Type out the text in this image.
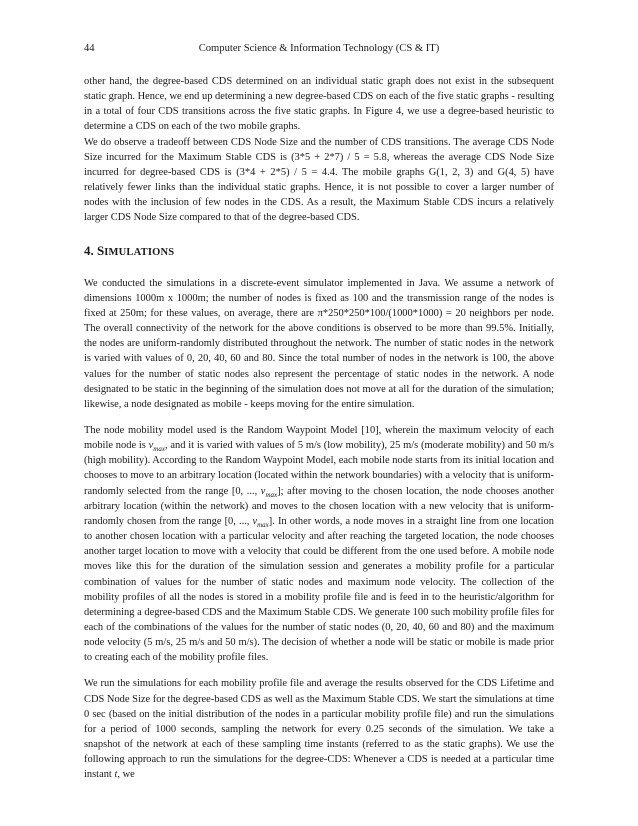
44	Computer Science & Information Technology (CS & IT)

other hand, the degree-based CDS determined on an individual static graph does not exist in the subsequent static graph. Hence, we end up determining a new degree-based CDS on each of the five static graphs - resulting in a total of four CDS transitions across the five static graphs. In Figure 4, we use a degree-based heuristic to determine a CDS on each of the two mobile graphs.

We do observe a tradeoff between CDS Node Size and the number of CDS transitions. The average CDS Node Size incurred for the Maximum Stable CDS is (3*5 + 2*7) / 5 = 5.8, whereas the average CDS Node Size incurred for degree-based CDS is (3*4 + 2*5) / 5 = 4.4. The mobile graphs G(1, 2, 3) and G(4, 5) have relatively fewer links than the individual static graphs. Hence, it is not possible to cover a larger number of nodes with the inclusion of few nodes in the CDS. As a result, the Maximum Stable CDS incurs a relatively larger CDS Node Size compared to that of the degree-based CDS.

4. SIMULATIONS

We conducted the simulations in a discrete-event simulator implemented in Java. We assume a network of dimensions 1000m x 1000m; the number of nodes is fixed as 100 and the transmission range of the nodes is fixed at 250m; for these values, on average, there are π*250*250*100/(1000*1000) = 20 neighbors per node. The overall connectivity of the network for the above conditions is observed to be more than 99.5%. Initially, the nodes are uniform-randomly distributed throughout the network. The number of static nodes in the network is varied with values of 0, 20, 40, 60 and 80. Since the total number of nodes in the network is 100, the above values for the number of static nodes also represent the percentage of static nodes in the network. A node designated to be static in the beginning of the simulation does not move at all for the duration of the simulation; likewise, a node designated as mobile - keeps moving for the entire simulation.

The node mobility model used is the Random Waypoint Model [10], wherein the maximum velocity of each mobile node is $v_{max}$, and it is varied with values of 5 m/s (low mobility), 25 m/s (moderate mobility) and 50 m/s (high mobility). According to the Random Waypoint Model, each mobile node starts from its initial location and chooses to move to an arbitrary location (located within the network boundaries) with a velocity that is uniform-randomly selected from the range [0, ..., $v_{max}$]; after moving to the chosen location, the node chooses another arbitrary location (within the network) and moves to the chosen location with a new velocity that is uniform-randomly chosen from the range [0, ..., $v_{max}$]. In other words, a node moves in a straight line from one location to another chosen location with a particular velocity and after reaching the targeted location, the node chooses another target location to move with a velocity that could be different from the one used before. A mobile node moves like this for the duration of the simulation session and generates a mobility profile for a particular combination of values for the number of static nodes and maximum node velocity. The collection of the mobility profiles of all the nodes is stored in a mobility profile file and is feed in to the heuristic/algorithm for determining a degree-based CDS and the Maximum Stable CDS. We generate 100 such mobility profile files for each of the combinations of the values for the number of static nodes (0, 20, 40, 60 and 80) and the maximum node velocity (5 m/s, 25 m/s and 50 m/s). The decision of whether a node will be static or mobile is made prior to creating each of the mobility profile files.

We run the simulations for each mobility profile file and average the results observed for the CDS Lifetime and CDS Node Size for the degree-based CDS as well as the Maximum Stable CDS. We start the simulations at time 0 sec (based on the initial distribution of the nodes in a particular mobility profile file) and run the simulations for a period of 1000 seconds, sampling the network for every 0.25 seconds of the simulation. We take a snapshot of the network at each of these sampling time instants (referred to as the static graphs). We use the following approach to run the simulations for the degree-CDS: Whenever a CDS is needed at a particular time instant t, we
